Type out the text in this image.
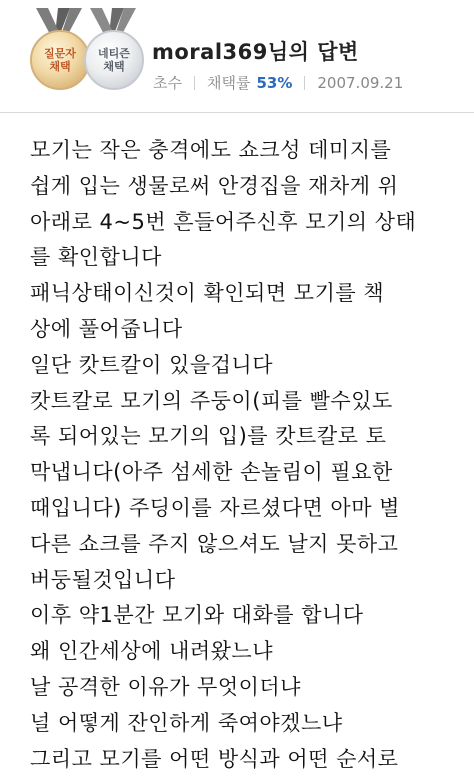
질문자
채택
네티즌
채택
moral369님의 답변
초수 채택률 53% 2007.09.21
모기는 작은 충격에도 쇼크성 데미지를
쉽게 입는 생물로써 안경집을 재차게 위
아래로 4~5번 흔들어주신후 모기의 상태
를 확인합니다
패닉상태이신것이 확인되면 모기를 책
상에 풀어줍니다
일단 캇트칼이 있을겁니다
캇트칼로 모기의 주둥이(피를 빨수있도
록 되어있는 모기의 입)를 캇트칼로 토
막냅니다(아주 섬세한 손놀림이 필요한
때입니다) 주딩이를 자르셨다면 아마 별
다른 쇼크를 주지 않으셔도 날지 못하고
버둥될것입니다
이후 약1분간 모기와 대화를 합니다
왜 인간세상에 내려왔느냐
날 공격한 이유가 무엇이더냐
널 어떻게 잔인하게 죽여야겠느냐
그리고 모기를 어떤 방식과 어떤 순서로
